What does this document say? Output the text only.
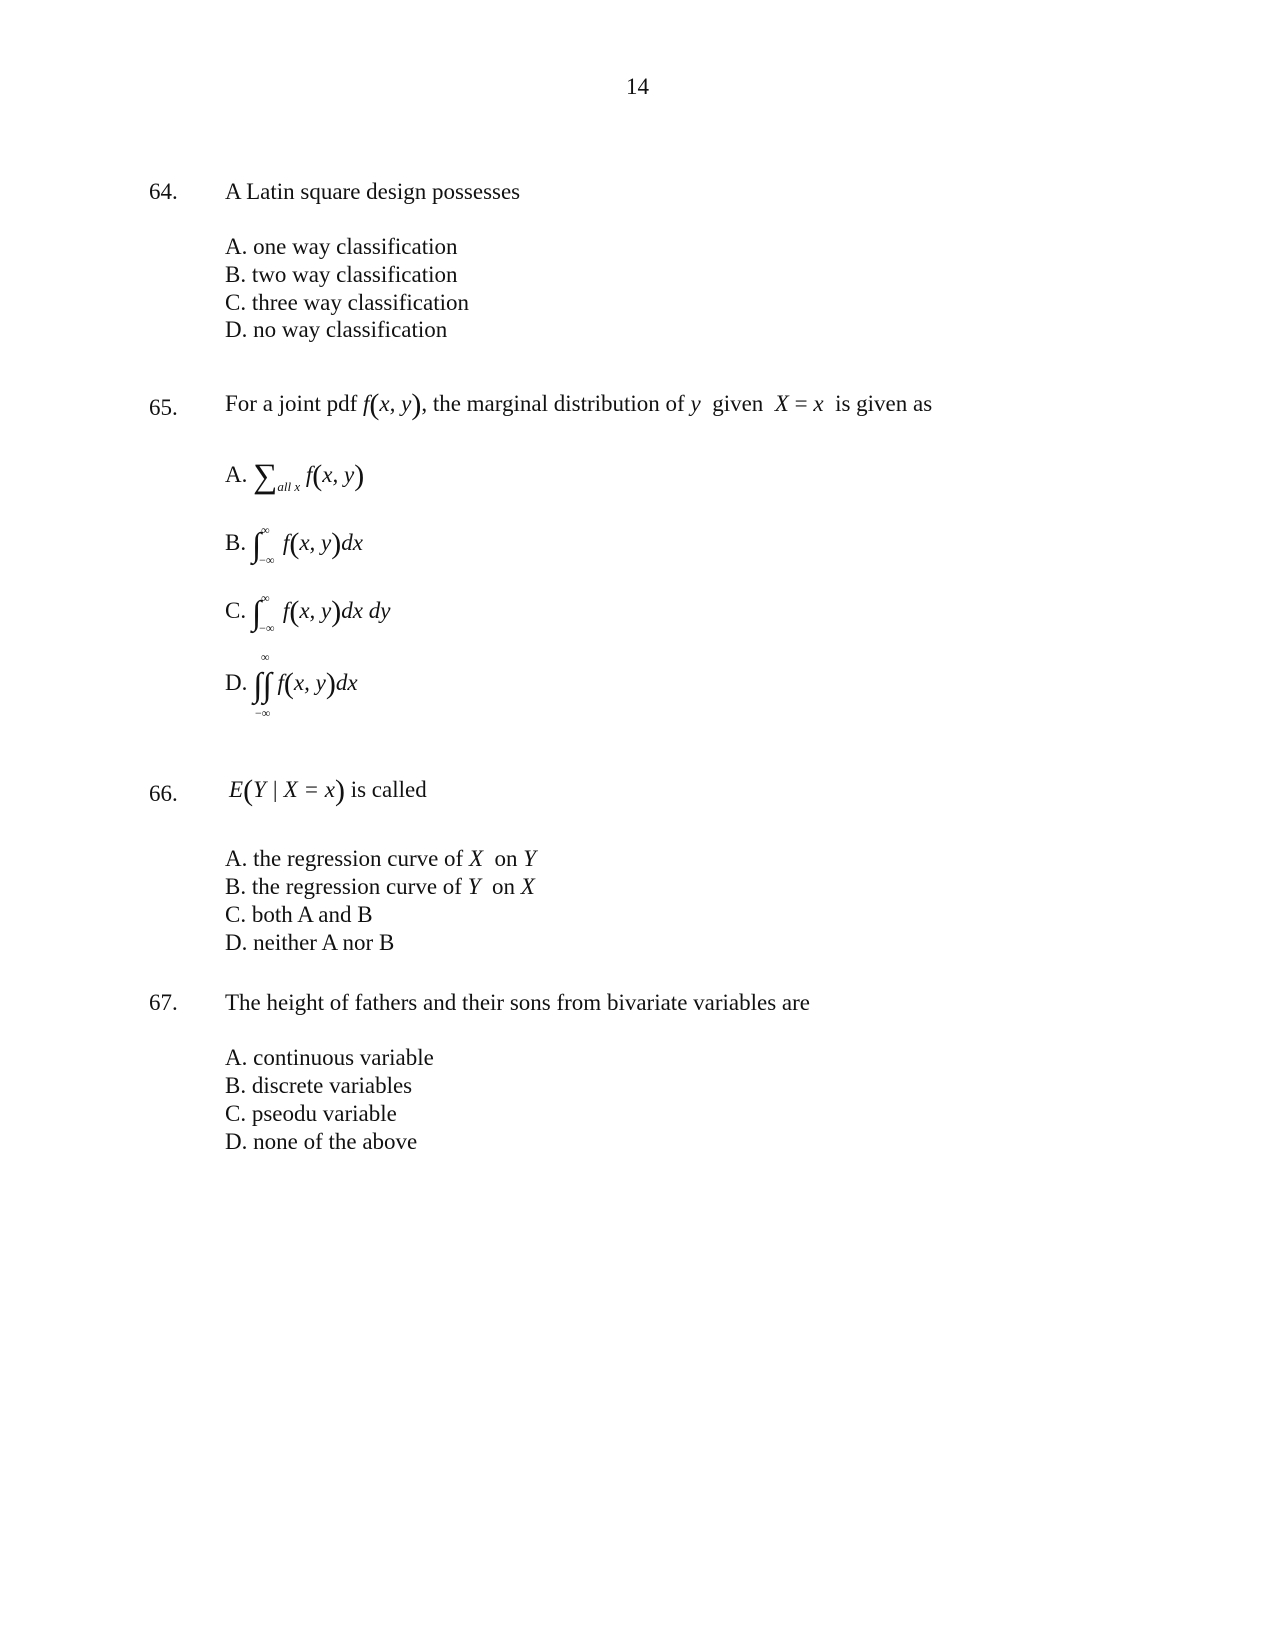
14
64. A Latin square design possesses
A. one way classification
B. two way classification
C. three way classification
D. no way classification
65. For a joint pdf f(x, y), the marginal distribution of y given X = x is given as
A. $\sum_{all x}$ f(x, y)
B. ∫ ∞
−∞
f(x, y)dx
C. ∫ ∞
−∞
f(x, y)dx dy
∞
−∞
D. ∫∫ f(x, y)dx
66. E(Y | X = x) is called
A. the regression curve of X on Y
B. the regression curve of Y on X
C. both A and B
D. neither A nor B
67. The height of fathers and their sons from bivariate variables are
A. continuous variable
B. discrete variables
C. pseodu variable
D. none of the above
